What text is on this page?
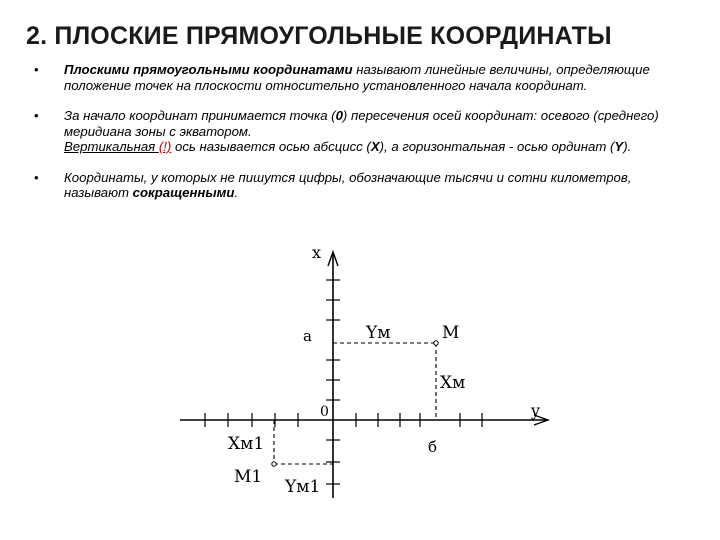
2. ПЛОСКИЕ ПРЯМОУГОЛЬНЫЕ КООРДИНАТЫ
•	Плоскими прямоугольными координатами называют линейные величины, определяющие положение точек на плоскости относительно установленного начала координат.
•	За начало координат принимается точка (0) пересечения осей координат: осевого (среднего) меридиана зоны с экватором.
Вертикальная (!) ось называется осью абсцисс (X), а горизонтальная - осью ординат (Y).
•	Координаты, у которых не пишутся цифры, обозначающие тысячи и сотни километров, называют сокращенными.
x
y
0
a
б
M
Yм
Xм
Xм1
M1 Yм1
